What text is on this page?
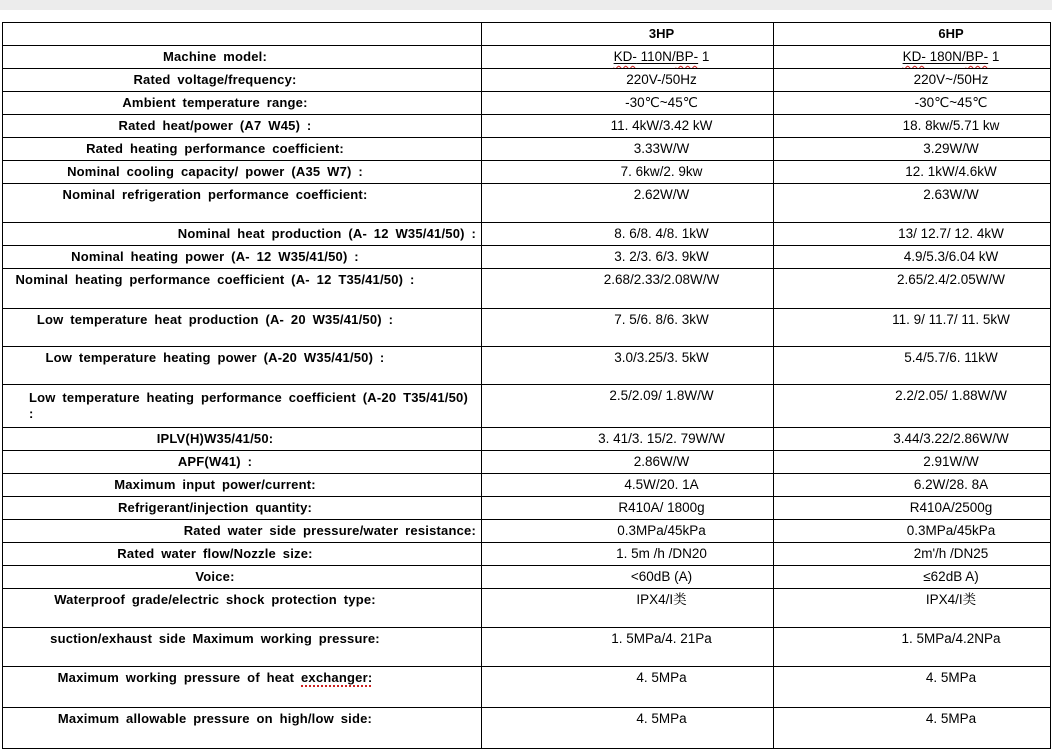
	3HP	6HP
Machine model:	KD- 110N/BP- 1	KD- 180N/BP- 1
Rated voltage/frequency:	220V-/50Hz	220V~/50Hz
Ambient temperature range:	-30℃~45℃	-30℃~45℃
Rated heat/power (A7 W45) :	11. 4kW/3.42 kW	18. 8kw/5.71 kw
Rated heating performance coefficient:	3.33W/W	3.29W/W
Nominal cooling capacity/ power (A35 W7) :	7. 6kw/2. 9kw	12. 1kW/4.6kW
Nominal refrigeration performance coefficient:	2.62W/W	2.63W/W
Nominal heat production (A- 12 W35/41/50) :	8. 6/8. 4/8. 1kW	13/ 12.7/ 12. 4kW
Nominal heating power (A- 12 W35/41/50) :	3. 2/3. 6/3. 9kW	4.9/5.3/6.04 kW
Nominal heating performance coefficient (A- 12 T35/41/50) :	2.68/2.33/2.08W/W	2.65/2.4/2.05W/W
Low temperature heat production (A- 20 W35/41/50) :	7. 5/6. 8/6. 3kW	11. 9/ 11.7/ 11. 5kW
Low temperature heating power (A-20 W35/41/50) :	3.0/3.25/3. 5kW	5.4/5.7/6. 11kW
Low temperature heating performance coefficient (A-20 T35/41/50) :	2.5/2.09/ 1.8W/W	2.2/2.05/ 1.88W/W
IPLV(H)W35/41/50:	3. 41/3. 15/2. 79W/W	3.44/3.22/2.86W/W
APF(W41) :	2.86W/W	2.91W/W
Maximum input power/current:	4.5W/20. 1A	6.2W/28. 8A
Refrigerant/injection quantity:	R410A/ 1800g	R410A/2500g
Rated water side pressure/water resistance:	0.3MPa/45kPa	0.3MPa/45kPa
Rated water flow/Nozzle size:	1. 5m /h /DN20	2m'/h /DN25
Voice:	<60dB (A)	≤62dB A)
Waterproof grade/electric shock protection type:	IPX4/I类	IPX4/I类
suction/exhaust side Maximum working pressure:	1. 5MPa/4. 21Pa	1. 5MPa/4.2NPa
Maximum working pressure of heat exchanger:	4. 5MPa	4. 5MPa
Maximum allowable pressure on high/low side:	4. 5MPa	4. 5MPa
